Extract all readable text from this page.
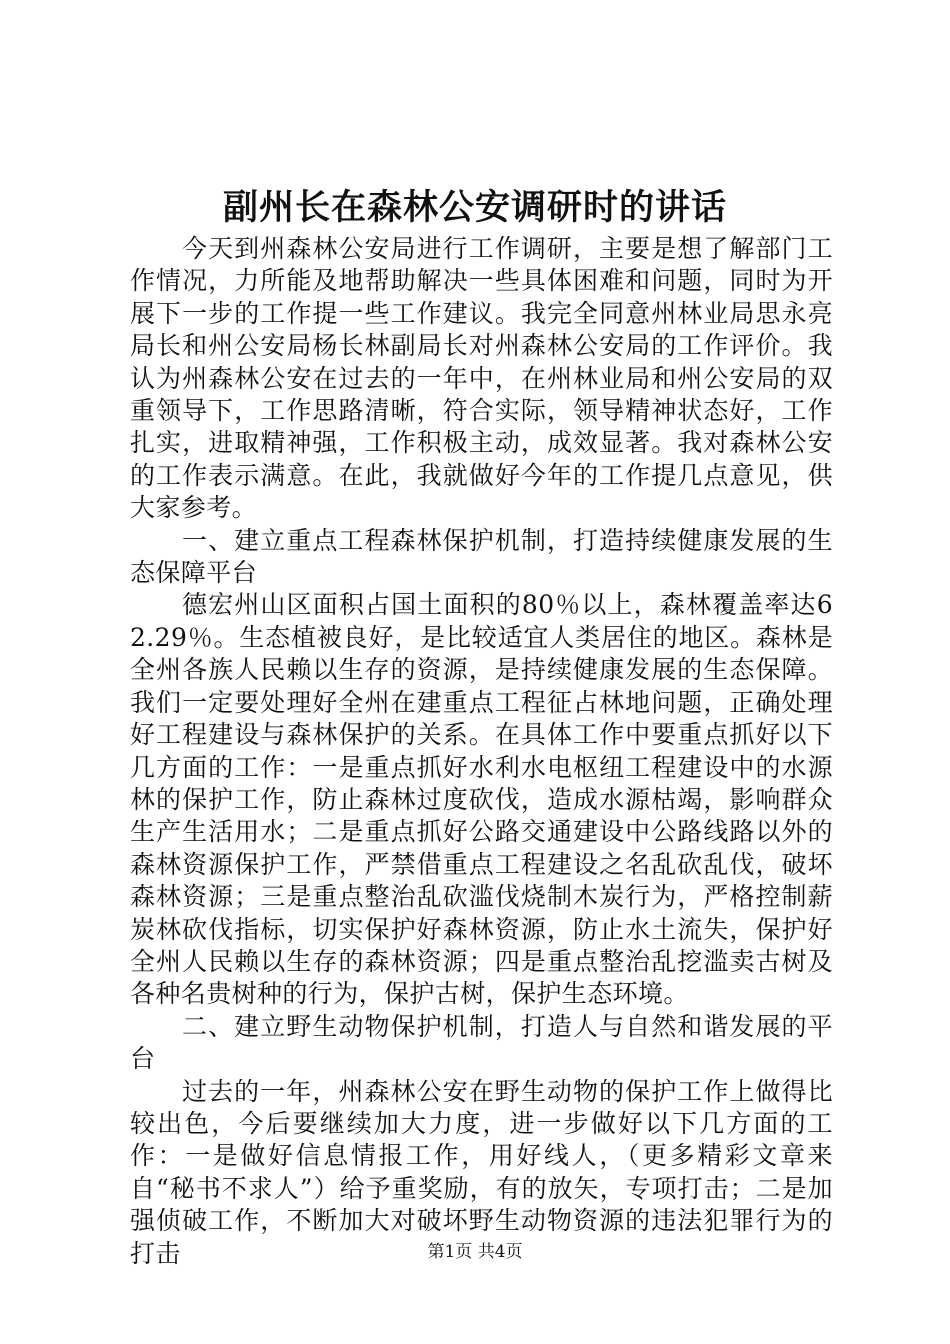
副州长在森林公安调研时的讲话

今天到州森林公安局进行工作调研，主要是想了解部门工作情况，力所能及地帮助解决一些具体困难和问题，同时为开展下一步的工作提一些工作建议。我完全同意州林业局思永亮局长和州公安局杨长林副局长对州森林公安局的工作评价。我认为州森林公安在过去的一年中，在州林业局和州公安局的双重领导下，工作思路清晰，符合实际，领导精神状态好，工作扎实，进取精神强，工作积极主动，成效显著。我对森林公安的工作表示满意。在此，我就做好今年的工作提几点意见，供大家参考。

一、建立重点工程森林保护机制，打造持续健康发展的生态保障平台

德宏州山区面积占国土面积的80％以上，森林覆盖率达62.29％。生态植被良好，是比较适宜人类居住的地区。森林是全州各族人民赖以生存的资源，是持续健康发展的生态保障。我们一定要处理好全州在建重点工程征占林地问题，正确处理好工程建设与森林保护的关系。在具体工作中要重点抓好以下几方面的工作：一是重点抓好水利水电枢纽工程建设中的水源林的保护工作，防止森林过度砍伐，造成水源枯竭，影响群众生产生活用水；二是重点抓好公路交通建设中公路线路以外的森林资源保护工作，严禁借重点工程建设之名乱砍乱伐，破坏森林资源；三是重点整治乱砍滥伐烧制木炭行为，严格控制薪炭林砍伐指标，切实保护好森林资源，防止水土流失，保护好全州人民赖以生存的森林资源；四是重点整治乱挖滥卖古树及各种名贵树种的行为，保护古树，保护生态环境。

二、建立野生动物保护机制，打造人与自然和谐发展的平台

过去的一年，州森林公安在野生动物的保护工作上做得比较出色，今后要继续加大力度，进一步做好以下几方面的工作：一是做好信息情报工作，用好线人，（更多精彩文章来自“秘书不求人”）给予重奖励，有的放矢，专项打击；二是加强侦破工作，不断加大对破坏野生动物资源的违法犯罪行为的打击	第1页 共4页
